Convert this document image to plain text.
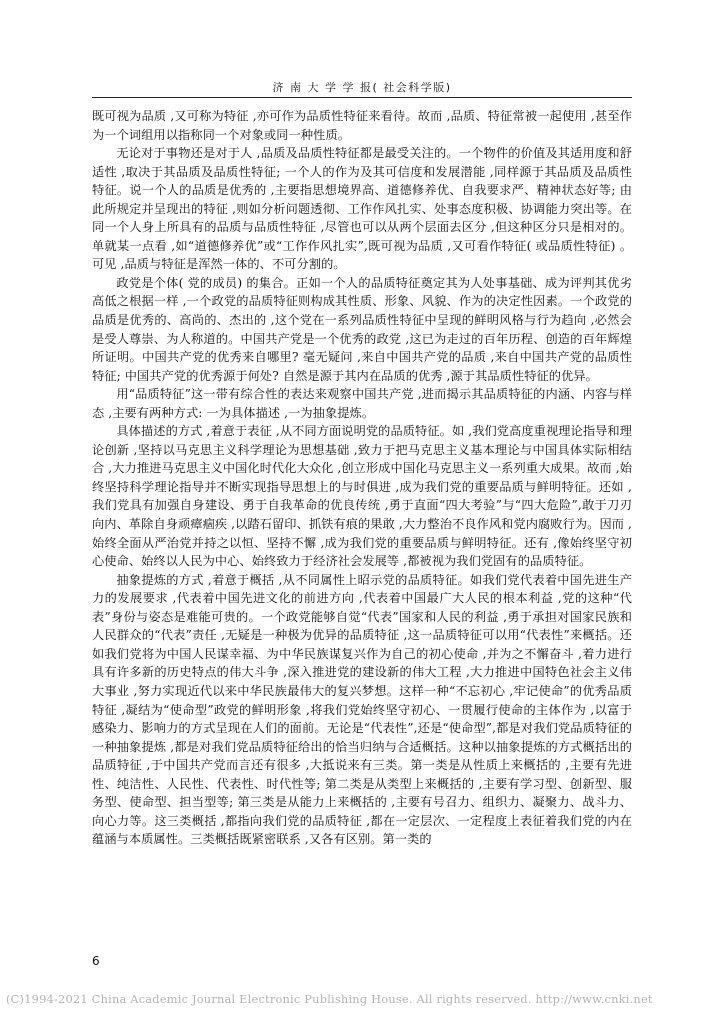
济 南 大 学 学 报( 社会科学版)

既可视为品质 ,又可称为特征 ,亦可作为品质性特征来看待。故而 ,品质、特征常被一起使用 ,甚至作为一个词组用以指称同一个对象或同一种性质。

无论对于事物还是对于人 ,品质及品质性特征都是最受关注的。一个物件的价值及其适用度和舒适性 ,取决于其品质及品质性特征; 一个人的作为及其可信度和发展潜能 ,同样源于其品质及品质性特征。说一个人的品质是优秀的 ,主要指思想境界高、道德修养优、自我要求严、精神状态好等; 由此所规定并呈现出的特征 ,则如分析问题透彻、工作作风扎实、处事态度积极、协调能力突出等。在同一个人身上所具有的品质与品质性特征 ,尽管也可以从两个层面去区分 ,但这种区分只是相对的。单就某一点看 ,如“道德修养优”或“工作作风扎实”,既可视为品质 ,又可看作特征( 或品质性特征) 。可见 ,品质与特征是浑然一体的、不可分割的。

政党是个体( 党的成员) 的集合。正如一个人的品质特征奠定其为人处事基础、成为评判其优劣高低之根据一样 ,一个政党的品质特征则构成其性质、形象、风貌、作为的决定性因素。一个政党的品质是优秀的、高尚的、杰出的 ,这个党在一系列品质性特征中呈现的鲜明风格与行为趋向 ,必然会是受人尊崇、为人称道的。中国共产党是一个优秀的政党 ,这已为走过的百年历程、创造的百年辉煌所证明。中国共产党的优秀来自哪里? 毫无疑问 ,来自中国共产党的品质 ,来自中国共产党的品质性特征; 中国共产党的优秀源于何处? 自然是源于其内在品质的优秀 ,源于其品质性特征的优异。

用“品质特征”这一带有综合性的表达来观察中国共产党 ,进而揭示其品质特征的内涵、内容与样态 ,主要有两种方式: 一为具体描述 ,一为抽象提炼。

具体描述的方式 ,着意于表征 ,从不同方面说明党的品质特征。如 ,我们党高度重视理论指导和理论创新 ,坚持以马克思主义科学理论为思想基础 ,致力于把马克思主义基本理论与中国具体实际相结合 ,大力推进马克思主义中国化时代化大众化 ,创立形成中国化马克思主义一系列重大成果。故而 ,始终坚持科学理论指导并不断实现指导思想上的与时俱进 ,成为我们党的重要品质与鲜明特征。还如 ,我们党具有加强自身建设、勇于自我革命的优良传统 ,勇于直面“四大考验”与“四大危险”,敢于刀刃向内、革除自身顽瘴痼疾 ,以踏石留印、抓铁有痕的果敢 ,大力整治不良作风和党内腐败行为。因而 ,始终全面从严治党并持之以恒、坚持不懈 ,成为我们党的重要品质与鲜明特征。还有 ,像始终坚守初心使命、始终以人民为中心、始终致力于经济社会发展等 ,都被视为我们党固有的品质特征。

抽象提炼的方式 ,着意于概括 ,从不同属性上昭示党的品质特征。如我们党代表着中国先进生产力的发展要求 ,代表着中国先进文化的前进方向 ,代表着中国最广大人民的根本利益 ,党的这种“代表”身份与姿态是难能可贵的。一个政党能够自觉“代表”国家和人民的利益 ,勇于承担对国家民族和人民群众的“代表”责任 ,无疑是一种极为优异的品质特征 ,这一品质特征可以用“代表性”来概括。还如我们党将为中国人民谋幸福、为中华民族谋复兴作为自己的初心使命 ,并为之不懈奋斗 ,着力进行具有许多新的历史特点的伟大斗争 ,深入推进党的建设新的伟大工程 ,大力推进中国特色社会主义伟大事业 ,努力实现近代以来中华民族最伟大的复兴梦想。这样一种“不忘初心 ,牢记使命”的优秀品质特征 ,凝结为“使命型”政党的鲜明形象 ,将我们党始终坚守初心、一贯履行使命的主体作为 ,以富于感染力、影响力的方式呈现在人们的面前。无论是“代表性”,还是“使命型”,都是对我们党品质特征的一种抽象提炼 ,都是对我们党品质特征给出的恰当归纳与合适概括。这种以抽象提炼的方式概括出的品质特征 ,于中国共产党而言还有很多 ,大抵说来有三类。第一类是从性质上来概括的 ,主要有先进性、纯洁性、人民性、代表性、时代性等; 第二类是从类型上来概括的 ,主要有学习型、创新型、服务型、使命型、担当型等; 第三类是从能力上来概括的 ,主要有号召力、组织力、凝聚力、战斗力、向心力等。这三类概括 ,都指向我们党的品质特征 ,都在一定层次、一定程度上表征着我们党的内在蕴涵与本质属性。三类概括既紧密联系 ,又各有区别。第一类的

6
(C)1994-2021 China Academic Journal Electronic Publishing House. All rights reserved. http://www.cnki.net
